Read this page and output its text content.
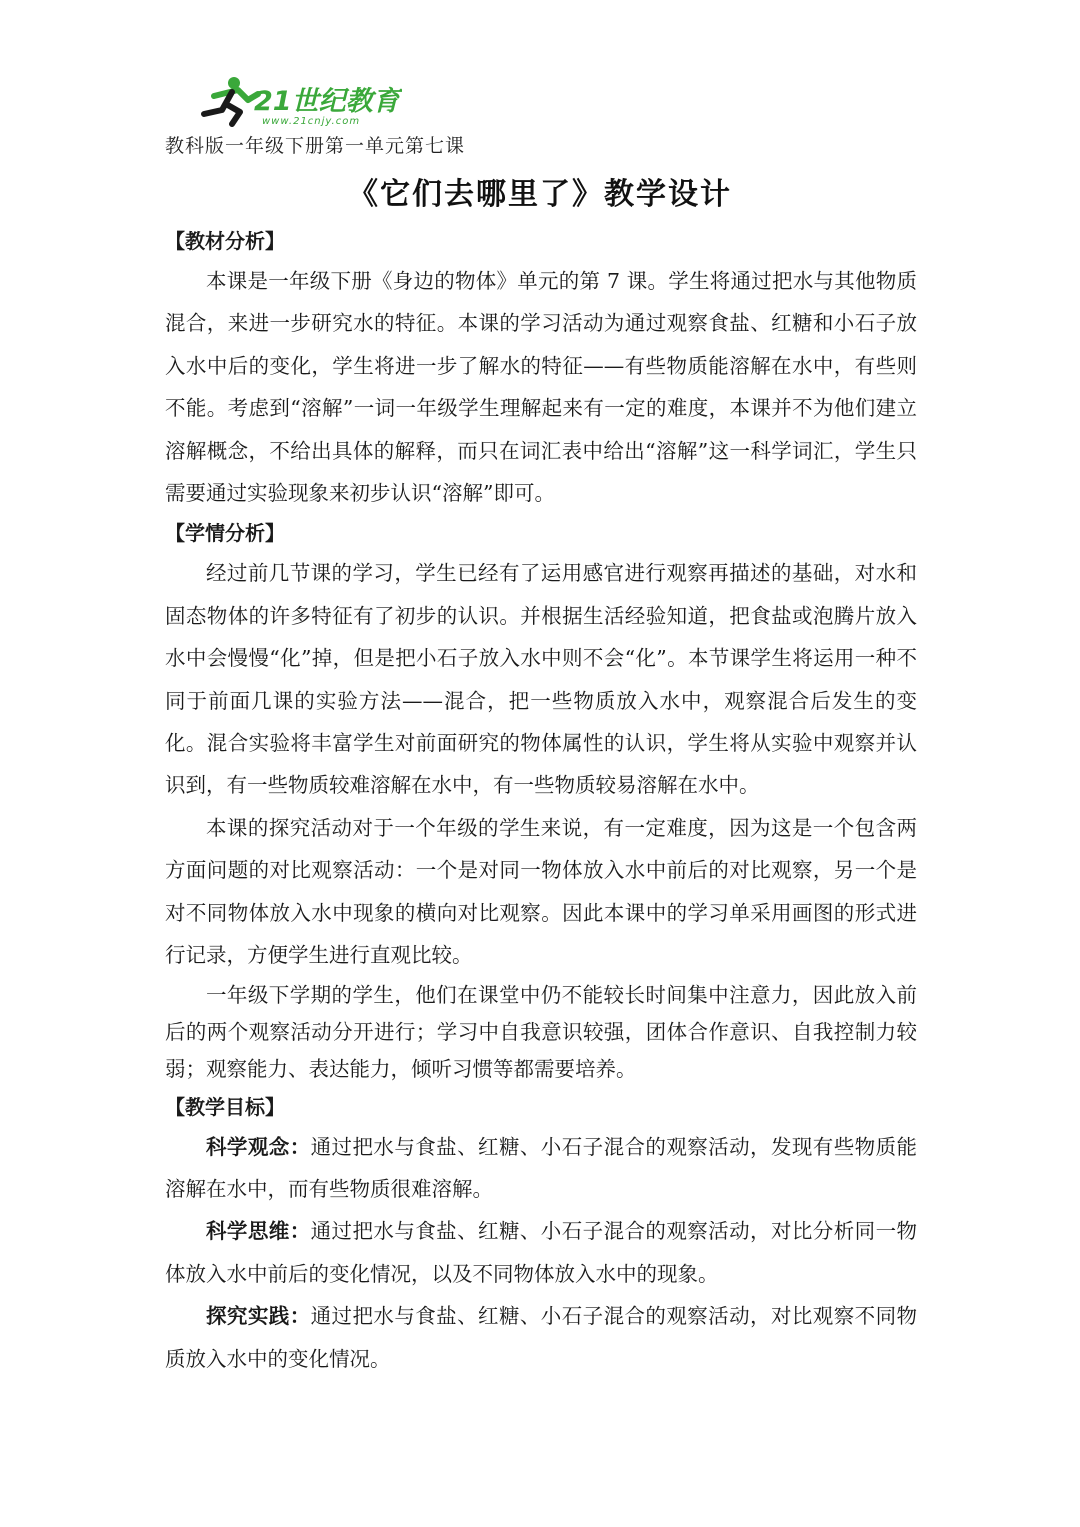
21世纪教育
www.21cnjy.com
教科版一年级下册第一单元第七课
《它们去哪里了》教学设计

【教材分析】

本课是一年级下册《身边的物体》单元的第 7 课。学生将通过把水与其他物质混合，来进一步研究水的特征。本课的学习活动为通过观察食盐、红糖和小石子放入水中后的变化，学生将进一步了解水的特征——有些物质能溶解在水中，有些则不能。考虑到“溶解”一词一年级学生理解起来有一定的难度，本课并不为他们建立溶解概念，不给出具体的解释，而只在词汇表中给出“溶解”这一科学词汇，学生只需要通过实验现象来初步认识“溶解”即可。

【学情分析】

经过前几节课的学习，学生已经有了运用感官进行观察再描述的基础，对水和固态物体的许多特征有了初步的认识。并根据生活经验知道，把食盐或泡腾片放入水中会慢慢“化”掉，但是把小石子放入水中则不会“化”。本节课学生将运用一种不同于前面几课的实验方法——混合，把一些物质放入水中，观察混合后发生的变化。混合实验将丰富学生对前面研究的物体属性的认识，学生将从实验中观察并认识到，有一些物质较难溶解在水中，有一些物质较易溶解在水中。

本课的探究活动对于一个年级的学生来说，有一定难度，因为这是一个包含两方面问题的对比观察活动：一个是对同一物体放入水中前后的对比观察，另一个是对不同物体放入水中现象的横向对比观察。因此本课中的学习单采用画图的形式进行记录，方便学生进行直观比较。

一年级下学期的学生，他们在课堂中仍不能较长时间集中注意力，因此放入前后的两个观察活动分开进行；学习中自我意识较强，团体合作意识、自我控制力较弱；观察能力、表达能力，倾听习惯等都需要培养。

【教学目标】

科学观念：通过把水与食盐、红糖、小石子混合的观察活动，发现有些物质能溶解在水中，而有些物质很难溶解。

科学思维：通过把水与食盐、红糖、小石子混合的观察活动，对比分析同一物体放入水中前后的变化情况，以及不同物体放入水中的现象。

探究实践：通过把水与食盐、红糖、小石子混合的观察活动，对比观察不同物质放入水中的变化情况。
